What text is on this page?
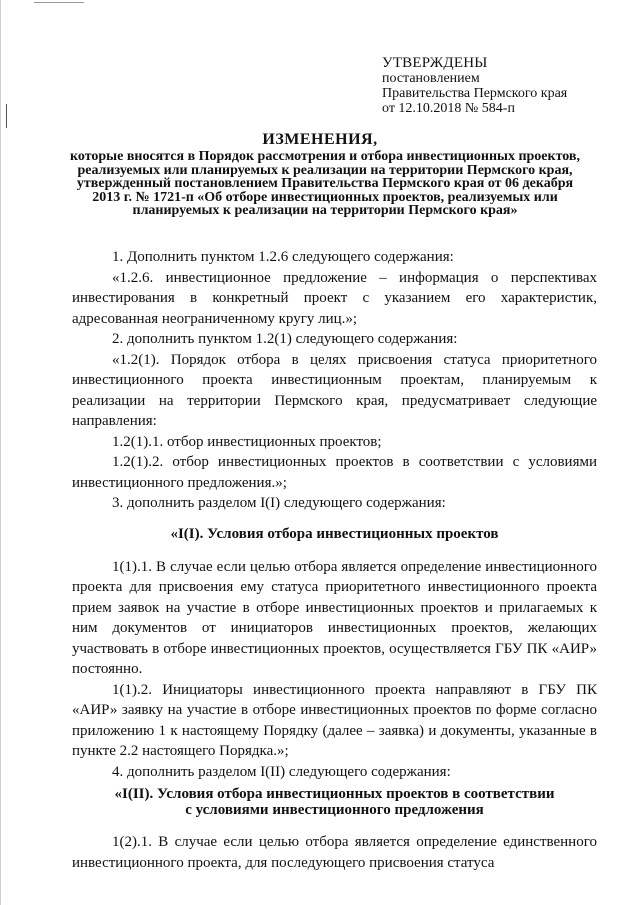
УТВЕРЖДЕНЫ
постановлением
Правительства Пермского края
от 12.10.2018 № 584-п
ИЗМЕНЕНИЯ,
которые вносятся в Порядок рассмотрения и отбора инвестиционных проектов, реализуемых или планируемых к реализации на территории Пермского края, утвержденный постановлением Правительства Пермского края от 06 декабря 2013 г. № 1721-п «Об отборе инвестиционных проектов, реализуемых или планируемых к реализации на территории Пермского края»

1. Дополнить пунктом 1.2.6 следующего содержания:

«1.2.6. инвестиционное предложение – информация о перспективах инвестирования в конкретный проект с указанием его характеристик, адресованная неограниченному кругу лиц.»;

2. дополнить пунктом 1.2(1) следующего содержания:

«1.2(1). Порядок отбора в целях присвоения статуса приоритетного инвестиционного проекта инвестиционным проектам, планируемым к реализации на территории Пермского края, предусматривает следующие направления:

1.2(1).1. отбор инвестиционных проектов;

1.2(1).2. отбор инвестиционных проектов в соответствии с условиями инвестиционного предложения.»;

3. дополнить разделом I(I) следующего содержания:

«I(I). Условия отбора инвестиционных проектов

1(1).1. В случае если целью отбора является определение инвестиционного проекта для присвоения ему статуса приоритетного инвестиционного проекта прием заявок на участие в отборе инвестиционных проектов и прилагаемых к ним документов от инициаторов инвестиционных проектов, желающих участвовать в отборе инвестиционных проектов, осуществляется ГБУ ПК «АИР» постоянно.

1(1).2. Инициаторы инвестиционного проекта направляют в ГБУ ПК «АИР» заявку на участие в отборе инвестиционных проектов по форме согласно приложению 1 к настоящему Порядку (далее – заявка) и документы, указанные в пункте 2.2 настоящего Порядка.»;

4. дополнить разделом I(II) следующего содержания:

«I(II). Условия отбора инвестиционных проектов в соответствии
с условиями инвестиционного предложения

1(2).1. В случае если целью отбора является определение единственного инвестиционного проекта, для последующего присвоения статуса
